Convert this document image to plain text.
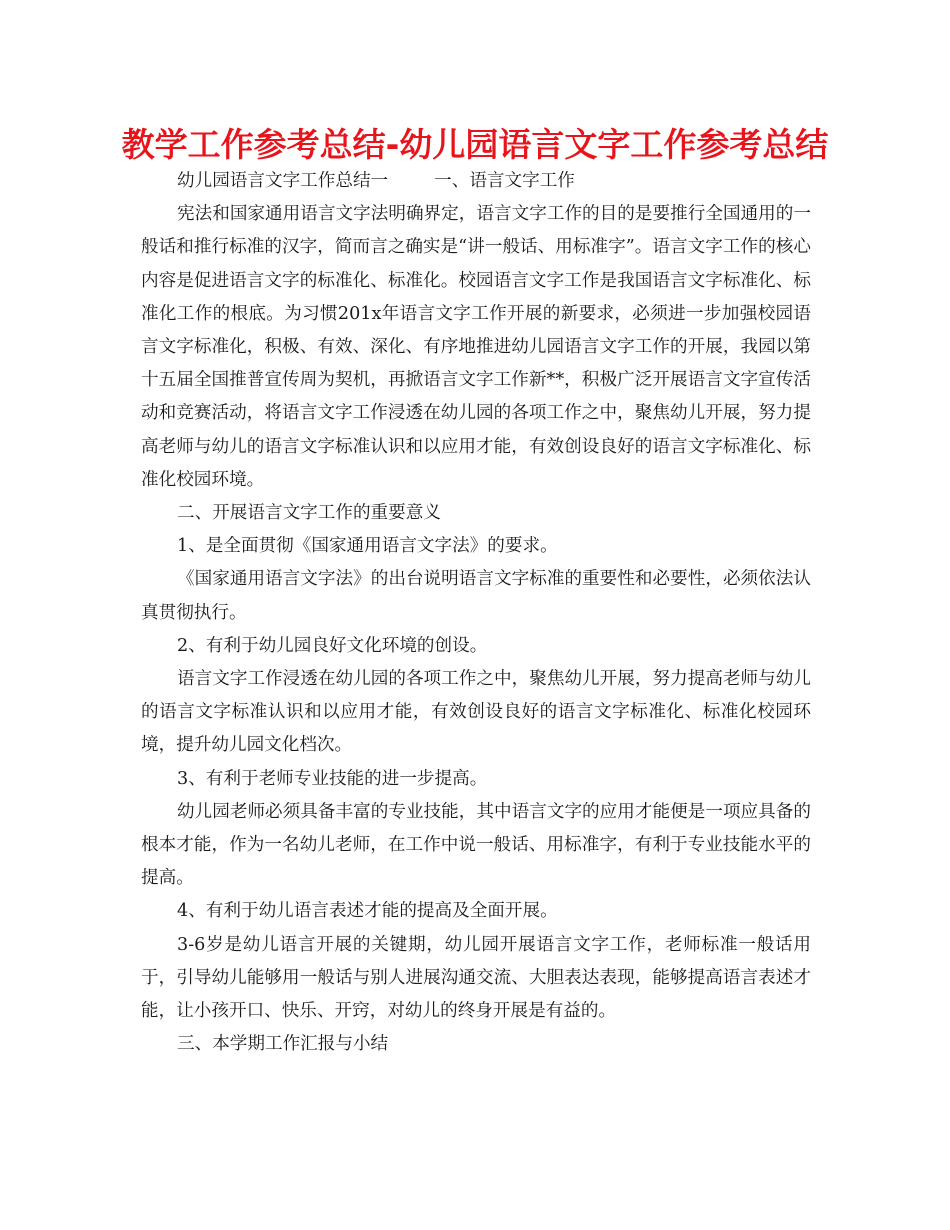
教学工作参考总结-幼儿园语言文字工作参考总结

幼儿园语言文字工作总结一	一、语言文字工作

宪法和国家通用语言文字法明确界定，语言文字工作的目的是要推行全国通用的一般话和推行标准的汉字，简而言之确实是“讲一般话、用标准字”。语言文字工作的核心内容是促进语言文字的标准化、标准化。校园语言文字工作是我国语言文字标准化、标准化工作的根底。为习惯201x年语言文字工作开展的新要求，必须进一步加强校园语言文字标准化，积极、有效、深化、有序地推进幼儿园语言文字工作的开展，我园以第十五届全国推普宣传周为契机，再掀语言文字工作新**，积极广泛开展语言文字宣传活动和竞赛活动，将语言文字工作浸透在幼儿园的各项工作之中，聚焦幼儿开展，努力提高老师与幼儿的语言文字标准认识和以应用才能，有效创设良好的语言文字标准化、标准化校园环境。

二、开展语言文字工作的重要意义

1、是全面贯彻《国家通用语言文字法》的要求。

《国家通用语言文字法》的出台说明语言文字标准的重要性和必要性，必须依法认真贯彻执行。

2、有利于幼儿园良好文化环境的创设。

语言文字工作浸透在幼儿园的各项工作之中，聚焦幼儿开展，努力提高老师与幼儿的语言文字标准认识和以应用才能，有效创设良好的语言文字标准化、标准化校园环境，提升幼儿园文化档次。

3、有利于老师专业技能的进一步提高。

幼儿园老师必须具备丰富的专业技能，其中语言文字的应用才能便是一项应具备的根本才能，作为一名幼儿老师，在工作中说一般话、用标准字，有利于专业技能水平的提高。

4、有利于幼儿语言表述才能的提高及全面开展。

3-6岁是幼儿语言开展的关键期，幼儿园开展语言文字工作，老师标准一般话用于，引导幼儿能够用一般话与别人进展沟通交流、大胆表达表现，能够提高语言表述才能，让小孩开口、快乐、开窍，对幼儿的终身开展是有益的。

三、本学期工作汇报与小结
